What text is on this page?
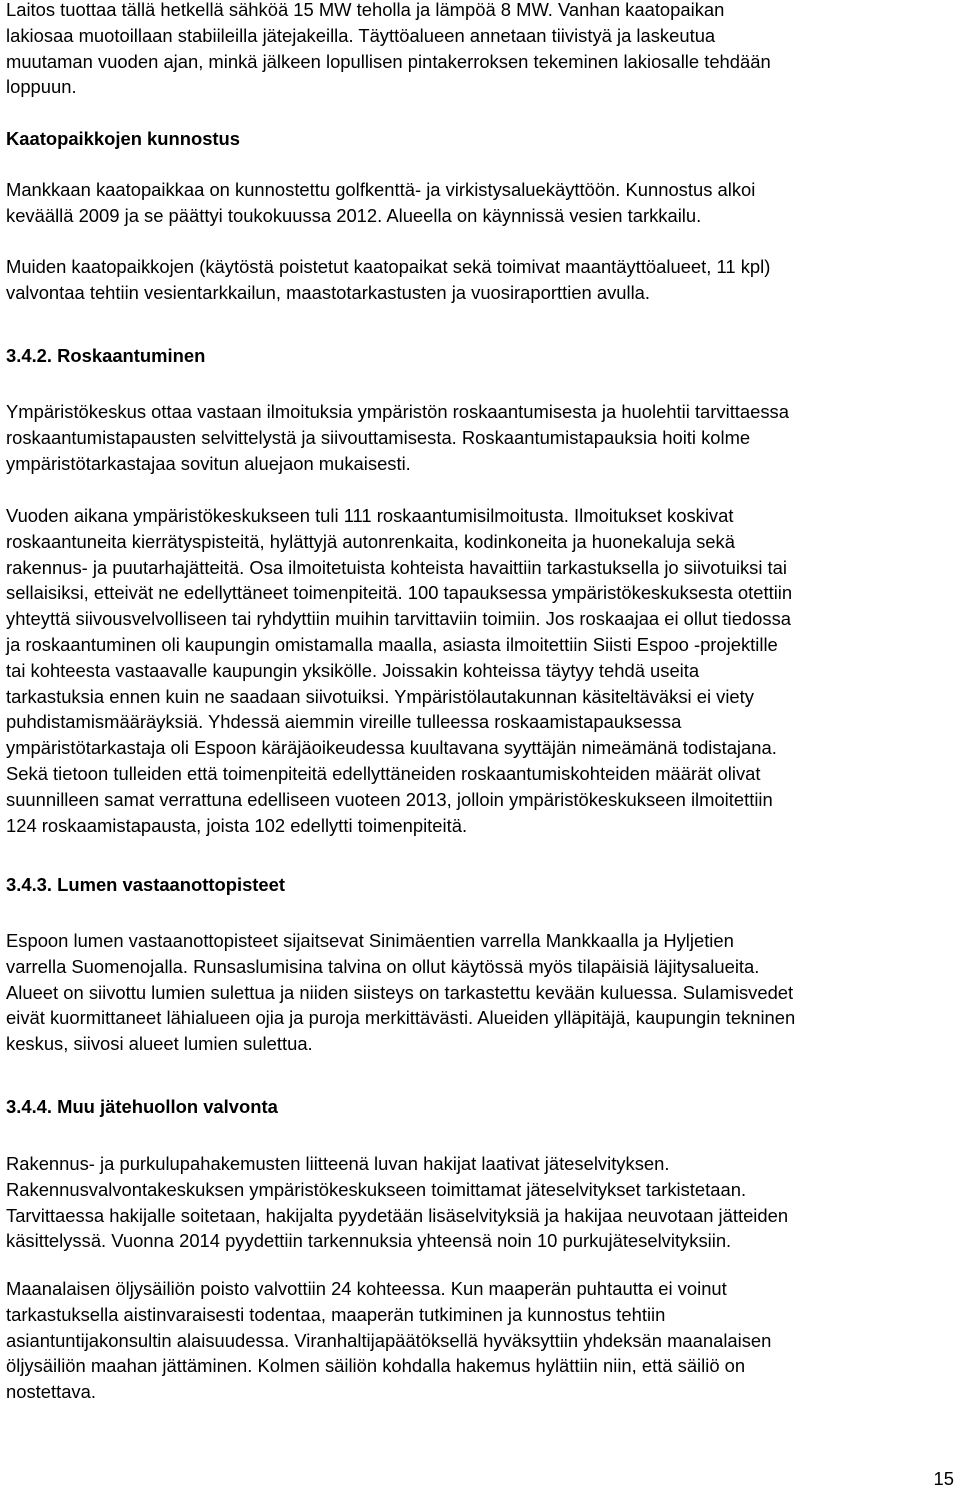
Laitos tuottaa tällä hetkellä sähköä 15 MW teholla ja lämpöä 8 MW. Vanhan kaatopaikan
lakiosaa muotoillaan stabiileilla jätejakeilla. Täyttöalueen annetaan tiivistyä ja laskeutua
muutaman vuoden ajan, minkä jälkeen lopullisen pintakerroksen tekeminen lakiosalle tehdään
loppuun.

Kaatopaikkojen kunnostus

Mankkaan kaatopaikkaa on kunnostettu golfkenttä- ja virkistysaluekäyttöön. Kunnostus alkoi
keväällä 2009 ja se päättyi toukokuussa 2012. Alueella on käynnissä vesien tarkkailu.

Muiden kaatopaikkojen (käytöstä poistetut kaatopaikat sekä toimivat maantäyttöalueet, 11 kpl)
valvontaa tehtiin vesientarkkailun, maastotarkastusten ja vuosiraporttien avulla.

3.4.2. Roskaantuminen

Ympäristökeskus ottaa vastaan ilmoituksia ympäristön roskaantumisesta ja huolehtii tarvittaessa
roskaantumistapausten selvittelystä ja siivouttamisesta. Roskaantumistapauksia hoiti kolme
ympäristötarkastajaa sovitun aluejaon mukaisesti.

Vuoden aikana ympäristökeskukseen tuli 111 roskaantumisilmoitusta. Ilmoitukset koskivat
roskaantuneita kierrätyspisteitä, hylättyjä autonrenkaita, kodinkoneita ja huonekaluja sekä
rakennus- ja puutarhajätteitä. Osa ilmoitetuista kohteista havaittiin tarkastuksella jo siivotuiksi tai
sellaisiksi, etteivät ne edellyttäneet toimenpiteitä. 100 tapauksessa ympäristökeskuksesta otettiin
yhteyttä siivousvelvolliseen tai ryhdyttiin muihin tarvittaviin toimiin. Jos roskaajaa ei ollut tiedossa
ja roskaantuminen oli kaupungin omistamalla maalla, asiasta ilmoitettiin Siisti Espoo -projektille
tai kohteesta vastaavalle kaupungin yksikölle. Joissakin kohteissa täytyy tehdä useita
tarkastuksia ennen kuin ne saadaan siivotuiksi. Ympäristölautakunnan käsiteltäväksi ei viety
puhdistamismääräyksiä. Yhdessä aiemmin vireille tulleessa roskaamistapauksessa
ympäristötarkastaja oli Espoon käräjäoikeudessa kuultavana syyttäjän nimeämänä todistajana.
Sekä tietoon tulleiden että toimenpiteitä edellyttäneiden roskaantumiskohteiden määrät olivat
suunnilleen samat verrattuna edelliseen vuoteen 2013, jolloin ympäristökeskukseen ilmoitettiin
124 roskaamistapausta, joista 102 edellytti toimenpiteitä.

3.4.3. Lumen vastaanottopisteet

Espoon lumen vastaanottopisteet sijaitsevat Sinimäentien varrella Mankkaalla ja Hyljetien
varrella Suomenojalla. Runsaslumisina talvina on ollut käytössä myös tilapäisiä läjitysalueita.
Alueet on siivottu lumien sulettua ja niiden siisteys on tarkastettu kevään kuluessa. Sulamisvedet
eivät kuormittaneet lähialueen ojia ja puroja merkittävästi. Alueiden ylläpitäjä, kaupungin tekninen
keskus, siivosi alueet lumien sulettua.

3.4.4. Muu jätehuollon valvonta

Rakennus- ja purkulupahakemusten liitteenä luvan hakijat laativat jäteselvityksen.
Rakennusvalvontakeskuksen ympäristökeskukseen toimittamat jäteselvitykset tarkistetaan.
Tarvittaessa hakijalle soitetaan, hakijalta pyydetään lisäselvityksiä ja hakijaa neuvotaan jätteiden
käsittelyssä. Vuonna 2014 pyydettiin tarkennuksia yhteensä noin 10 purkujäteselvityksiin.

Maanalaisen öljysäiliön poisto valvottiin 24 kohteessa. Kun maaperän puhtautta ei voinut
tarkastuksella aistinvaraisesti todentaa, maaperän tutkiminen ja kunnostus tehtiin
asiantuntijakonsultin alaisuudessa. Viranhaltijapäätöksellä hyväksyttiin yhdeksän maanalaisen
öljysäiliön maahan jättäminen. Kolmen säiliön kohdalla hakemus hylättiin niin, että säiliö on
nostettava.

15
